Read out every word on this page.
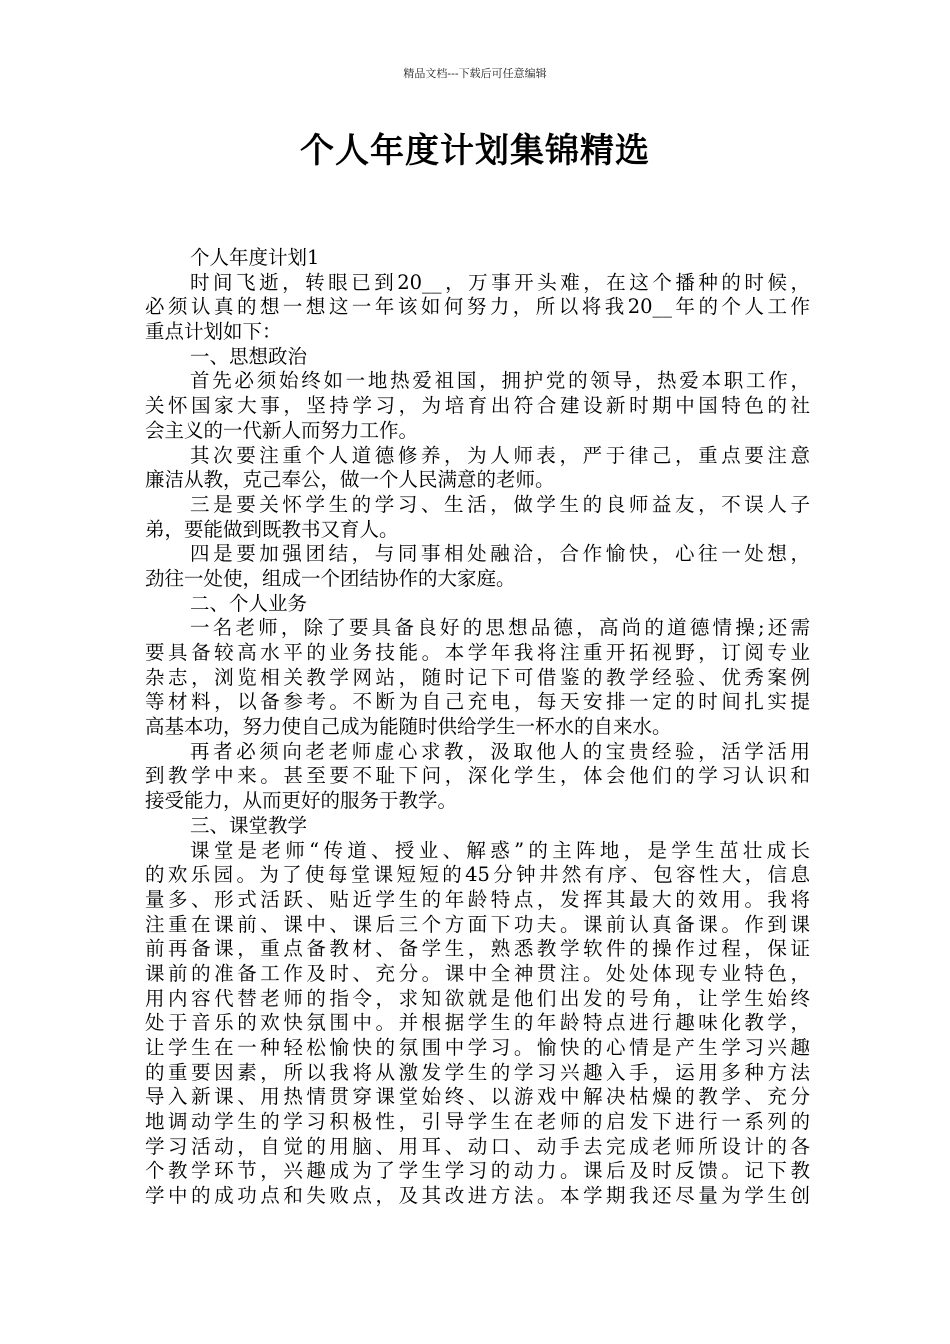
精品文档---下载后可任意编辑
个人年度计划集锦精选
个人年度计划1
时间飞逝，转眼已到20__，万事开头难，在这个播种的时候，
必须认真的想一想这一年该如何努力，所以将我20__年的个人工作
重点计划如下：
一、思想政治
首先必须始终如一地热爱祖国，拥护党的领导，热爱本职工作，
关怀国家大事，坚持学习，为培育出符合建设新时期中国特色的社
会主义的一代新人而努力工作。
其次要注重个人道德修养，为人师表，严于律己，重点要注意
廉洁从教，克己奉公，做一个人民满意的老师。
三是要关怀学生的学习、生活，做学生的良师益友，不误人子
弟，要能做到既教书又育人。
四是要加强团结，与同事相处融洽，合作愉快，心往一处想，
劲往一处使，组成一个团结协作的大家庭。
二、个人业务
一名老师，除了要具备良好的思想品德，高尚的道德情操;还需
要具备较高水平的业务技能。本学年我将注重开拓视野，订阅专业
杂志，浏览相关教学网站，随时记下可借鉴的教学经验、优秀案例
等材料，以备参考。不断为自己充电，每天安排一定的时间扎实提
高基本功，努力使自己成为能随时供给学生一杯水的自来水。
再者必须向老老师虚心求教，汲取他人的宝贵经验，活学活用
到教学中来。甚至要不耻下问，深化学生，体会他们的学习认识和
接受能力，从而更好的服务于教学。
三、课堂教学
课堂是老师“传道、授业、解惑”的主阵地，是学生茁壮成长
的欢乐园。为了使每堂课短短的45分钟井然有序、包容性大，信息
量多、形式活跃、贴近学生的年龄特点，发挥其最大的效用。我将
注重在课前、课中、课后三个方面下功夫。课前认真备课。作到课
前再备课，重点备教材、备学生，熟悉教学软件的操作过程，保证
课前的准备工作及时、充分。课中全神贯注。处处体现专业特色，
用内容代替老师的指令，求知欲就是他们出发的号角，让学生始终
处于音乐的欢快氛围中。并根据学生的年龄特点进行趣味化教学，
让学生在一种轻松愉快的氛围中学习。愉快的心情是产生学习兴趣
的重要因素，所以我将从激发学生的学习兴趣入手，运用多种方法
导入新课、用热情贯穿课堂始终、以游戏中解决枯燥的教学、充分
地调动学生的学习积极性，引导学生在老师的启发下进行一系列的
学习活动，自觉的用脑、用耳、动口、动手去完成老师所设计的各
个教学环节，兴趣成为了学生学习的动力。课后及时反馈。记下教
学中的成功点和失败点，及其改进方法。本学期我还尽量为学生创
